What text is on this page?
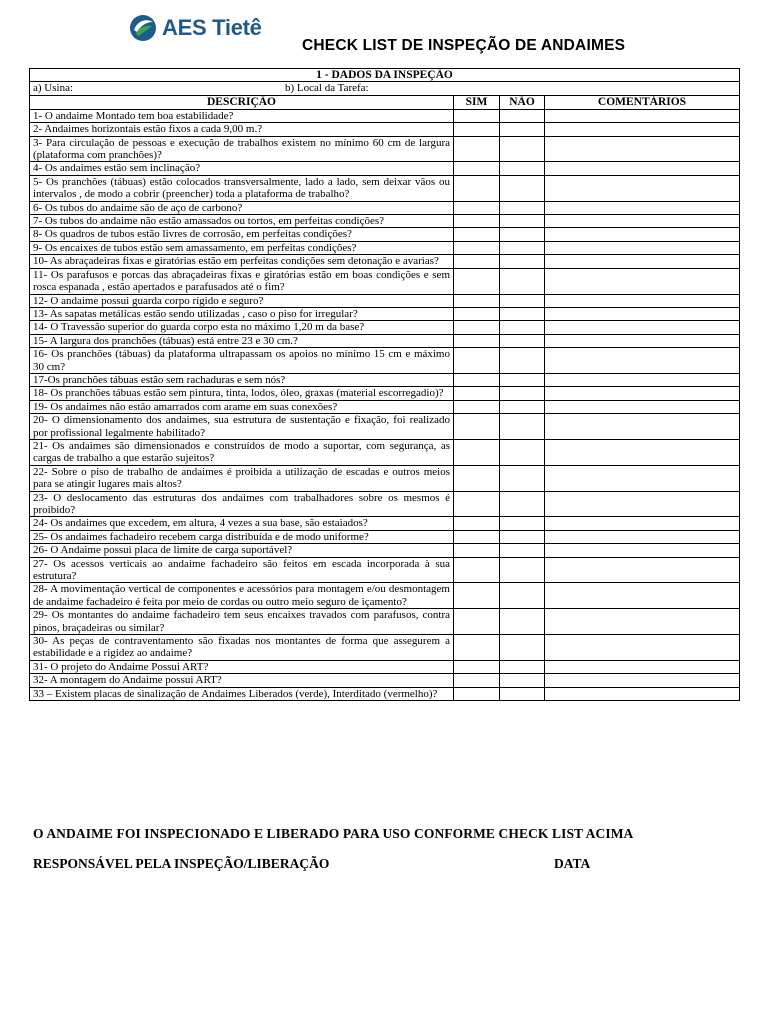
AES Tietê
CHECK LIST DE INSPEÇÃO DE ANDAIMES
1 - DADOS DA INSPEÇÃO			
a) Usina: b) Local da Tarefa:			
DESCRIÇÃO	SIM	NÃO	COMENTÁRIOS
1- O andaime Montado tem boa estabilidade?			
2- Andaimes horizontais estão fixos a cada 9,00 m.?			
3- Para circulação de pessoas e execução de trabalhos existem no mínimo 60 cm de largura (plataforma com pranchões)?			
4- Os andaimes estão sem inclinação?			
5- Os pranchões (tábuas) estão colocados transversalmente, lado a lado, sem deixar vãos ou intervalos , de modo a cobrir (preencher) toda a plataforma de trabalho?			
6- Os tubos do andaime são de aço de carbono?			
7- Os tubos do andaime não estão amassados ou tortos, em perfeitas condições?			
8- Os quadros de tubos estão livres de corrosão, em perfeitas condições?			
9- Os encaixes de tubos estão sem amassamento, em perfeitas condições?			
10- As abraçadeiras fixas e giratórias estão em perfeitas condições sem detonação e avarias?			
11- Os parafusos e porcas das abraçadeiras fixas e giratórias estão em boas condições e sem rosca espanada , estão apertados e parafusados até o fim?			
12- O andaime possui guarda corpo rígido e seguro?			
13- As sapatas metálicas estão sendo utilizadas , caso o piso for irregular?			
14- O Travessão superior do guarda corpo esta no máximo 1,20 m da base?			
15- A largura dos pranchões (tábuas) está entre 23 e 30 cm.?			
16- Os pranchões (tábuas) da plataforma ultrapassam os apoios no mínimo 15 cm e máximo 30 cm?			
17-Os pranchões tábuas estão sem rachaduras e sem nós?			
18- Os pranchões tábuas estão sem pintura, tinta, lodos, óleo, graxas (material escorregadio)?			
19- Os andaimes não estão amarrados com arame em suas conexões?			
20- O dimensionamento dos andaimes, sua estrutura de sustentação e fixação, foi realizado por profissional legalmente habilitado?			
21- Os andaimes são dimensionados e construídos de modo a suportar, com segurança, as cargas de trabalho a que estarão sujeitos?			
22- Sobre o piso de trabalho de andaimes é proibida a utilização de escadas e outros meios para se atingir lugares mais altos?			
23- O deslocamento das estruturas dos andaimes com trabalhadores sobre os mesmos é proibido?			
24- Os andaimes que excedem, em altura, 4 vezes a sua base, são estaiados?			
25- Os andaimes fachadeiro recebem carga distribuída e de modo uniforme?			
26- O Andaime possui placa de limite de carga suportável?			
27- Os acessos verticais ao andaime fachadeiro são feitos em escada incorporada à sua estrutura?			
28- A movimentação vertical de componentes e acessórios para montagem e/ou desmontagem de andaime fachadeiro é feita por meio de cordas ou outro meio seguro de içamento?			
29- Os montantes do andaime fachadeiro tem seus encaixes travados com parafusos, contra pinos, braçadeiras ou similar?			
30- As peças de contraventamento são fixadas nos montantes de forma que assegurem a estabilidade e a rigidez ao andaime?			
31- O projeto do Andaime Possui ART?			
32- A montagem do Andaime possui ART?			
33 – Existem placas de sinalização de Andaimes Liberados (verde), Interditado (vermelho)?			
O ANDAIME FOI INSPECIONADO E LIBERADO PARA USO CONFORME CHECK LIST ACIMA
RESPONSÁVEL PELA INSPEÇÃO/LIBERAÇÃO	DATA
